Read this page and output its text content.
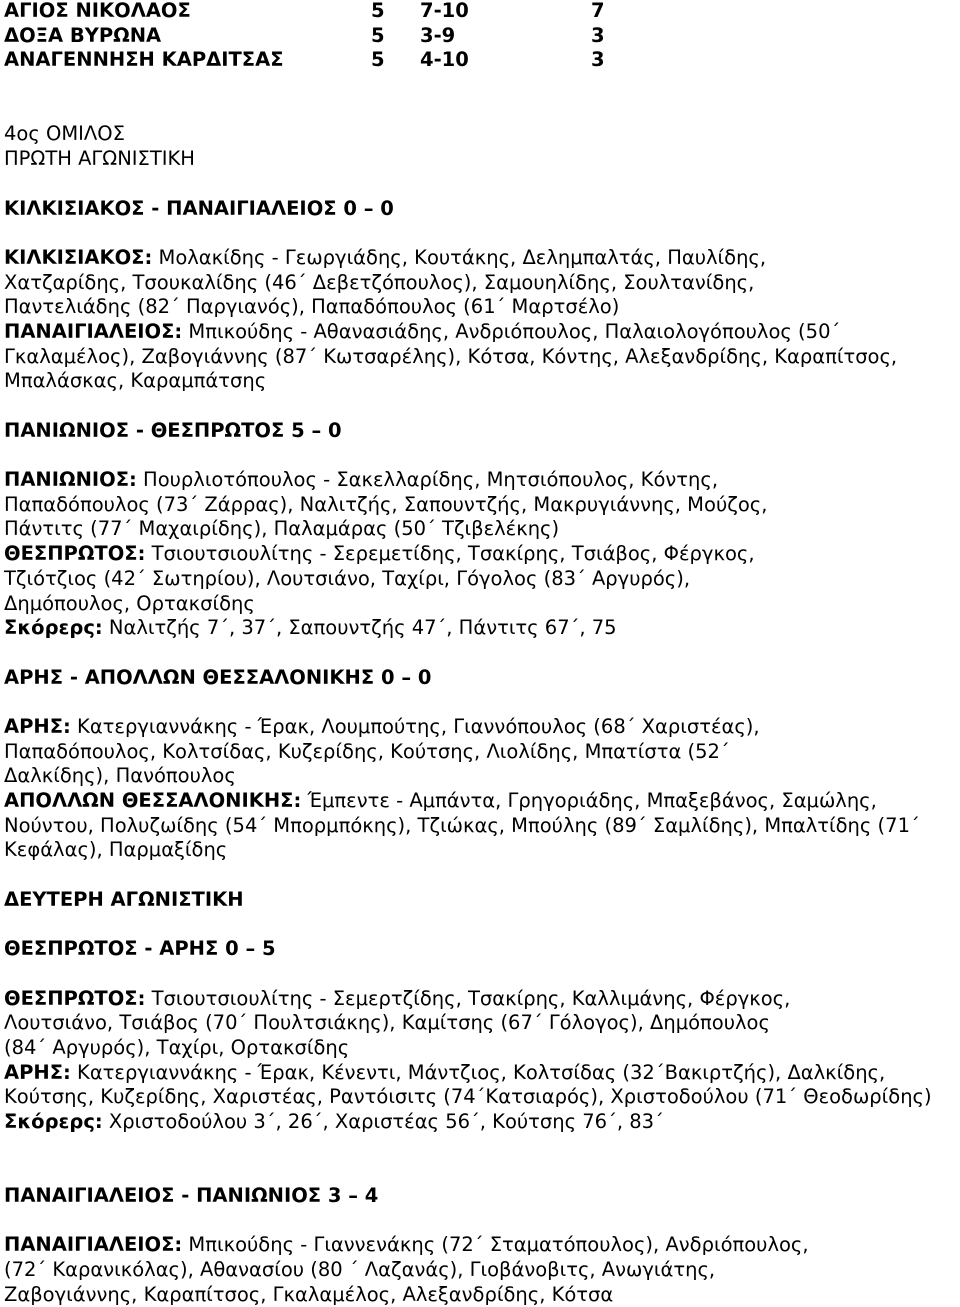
ΑΓΙΟΣ ΝΙΚΟΛΑΟΣ	5	7-10	7
ΔΟΞΑ ΒΥΡΩΝΑ	5	3-9	3
ΑΝΑΓΕΝΝΗΣΗ ΚΑΡΔΙΤΣΑΣ	5	4-10	3
4ος ΟΜΙΛΟΣ
ΠΡΩΤΗ ΑΓΩΝΙΣΤΙΚΗ
ΚΙΛΚΙΣΙΑΚΟΣ - ΠΑΝΑΙΓΙΑΛΕΙΟΣ 0 – 0
ΚΙΛΚΙΣΙΑΚΟΣ: Μολακίδης - Γεωργιάδης, Κουτάκης, Δελημπαλτάς, Παυλίδης,
Χατζαρίδης, Τσουκαλίδης (46΄ Δεβετζόπουλος), Σαμουηλίδης, Σουλτανίδης,
Παντελιάδης (82΄ Παργιανός), Παπαδόπουλος (61΄ Μαρτσέλο)
ΠΑΝΑΙΓΙΑΛΕΙΟΣ: Μπικούδης - Αθανασιάδης, Ανδριόπουλος, Παλαιολογόπουλος (50΄
Γκαλαμέλος), Ζαβογιάννης (87΄ Κωτσαρέλης), Κότσα, Κόντης, Αλεξανδρίδης, Καραπίτσος,
Μπαλάσκας, Καραμπάτσης
ΠΑΝΙΩΝΙΟΣ - ΘΕΣΠΡΩΤΟΣ 5 – 0
ΠΑΝΙΩΝΙΟΣ: Πουρλιοτόπουλος - Σακελλαρίδης, Μητσιόπουλος, Κόντης,
Παπαδόπουλος (73΄ Ζάρρας), Ναλιτζής, Σαπουντζής, Μακρυγιάννης, Μούζος,
Πάντιτς (77΄ Μαχαιρίδης), Παλαμάρας (50΄ Τζιβελέκης)
ΘΕΣΠΡΩΤΟΣ: Τσιουτσιουλίτης - Σερεμετίδης, Τσακίρης, Τσιάβος, Φέργκος,
Τζιότζιος (42΄ Σωτηρίου), Λουτσιάνο, Ταχίρι, Γόγολος (83΄ Αργυρός),
Δημόπουλος, Ορτακσίδης
Σκόρερς: Ναλιτζής 7΄, 37΄, Σαπουντζής 47΄, Πάντιτς 67΄, 75
ΑΡΗΣ - ΑΠΟΛΛΩΝ ΘΕΣΣΑΛΟΝΙΚΗΣ 0 – 0
ΑΡΗΣ: Κατεργιαννάκης - Έρακ, Λουμπούτης, Γιαννόπουλος (68΄ Χαριστέας),
Παπαδόπουλος, Κολτσίδας, Κυζερίδης, Κούτσης, Λιολίδης, Μπατίστα (52΄
Δαλκίδης), Πανόπουλος
ΑΠΟΛΛΩΝ ΘΕΣΣΑΛΟΝΙΚΗΣ: Έμπεντε - Αμπάντα, Γρηγοριάδης, Μπαξεβάνος, Σαμώλης,
Νούντου, Πολυζωίδης (54΄ Μπορμπόκης), Τζιώκας, Μπούλης (89΄ Σαμλίδης), Μπαλτίδης (71΄
Κεφάλας), Παρμαξίδης
ΔΕΥΤΕΡΗ ΑΓΩΝΙΣΤΙΚΗ
ΘΕΣΠΡΩΤΟΣ - ΑΡΗΣ 0 – 5
ΘΕΣΠΡΩΤΟΣ: Τσιουτσιουλίτης - Σεμερτζίδης, Τσακίρης, Καλλιμάνης, Φέργκος,
Λουτσιάνο, Τσιάβος (70΄ Πουλτσιάκης), Καμίτσης (67΄ Γόλογος), Δημόπουλος
(84΄ Αργυρός), Ταχίρι, Ορτακσίδης
ΑΡΗΣ: Κατεργιαννάκης - Έρακ, Κένεντι, Μάντζιος, Κολτσίδας (32΄Βακιρτζής), Δαλκίδης,
Κούτσης, Κυζερίδης, Χαριστέας, Ραντόισιτς (74΄Κατσιαρός), Χριστοδούλου (71΄ Θεοδωρίδης)
Σκόρερς: Χριστοδούλου 3΄, 26΄, Χαριστέας 56΄, Κούτσης 76΄, 83΄
ΠΑΝΑΙΓΙΑΛΕΙΟΣ - ΠΑΝΙΩΝΙΟΣ 3 – 4
ΠΑΝΑΙΓΙΑΛΕΙΟΣ: Μπικούδης - Γιαννενάκης (72΄ Σταματόπουλος), Ανδριόπουλος,
(72΄ Καρανικόλας), Αθανασίου (80 ΄ Λαζανάς), Γιοβάνοβιτς, Ανωγιάτης,
Ζαβογιάννης, Καραπίτσος, Γκαλαμέλος, Αλεξανδρίδης, Κότσα
